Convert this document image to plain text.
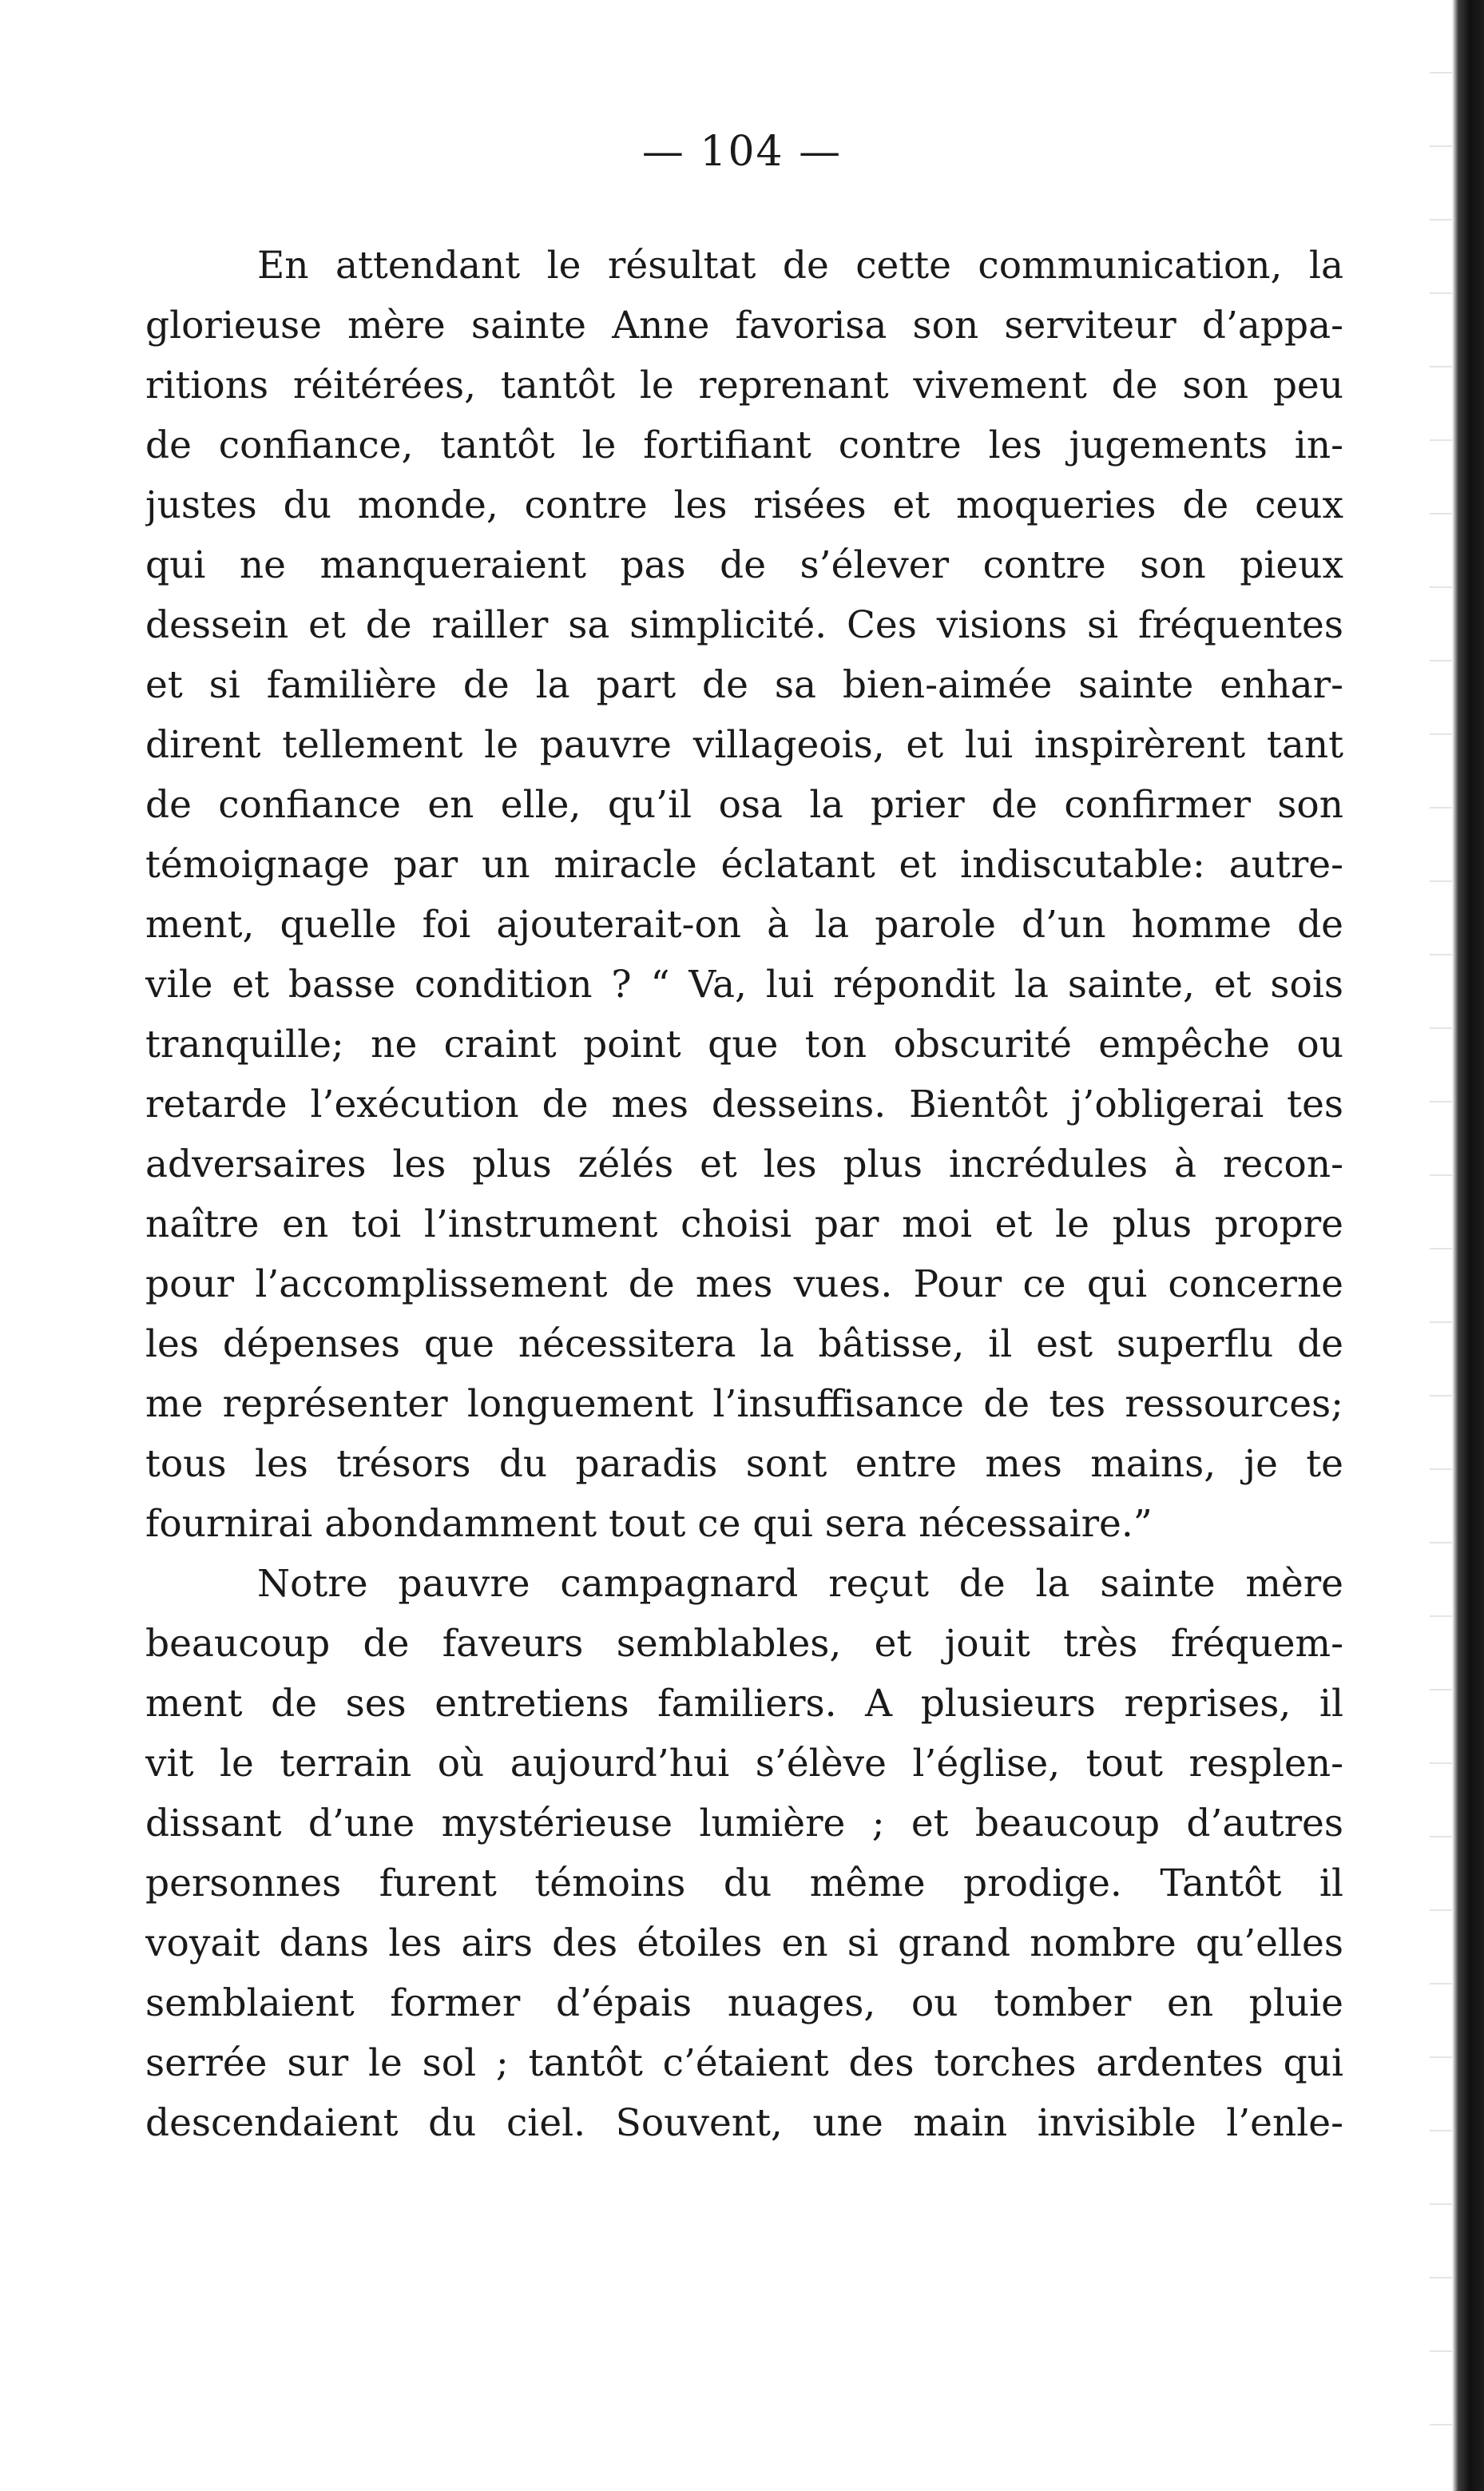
— 104 —
En attendant le résultat de cette communication, la
glorieuse mère sainte Anne favorisa son serviteur d’appa-
ritions réitérées, tantôt le reprenant vivement de son peu
de confiance, tantôt le fortifiant contre les jugements in-
justes du monde, contre les risées et moqueries de ceux
qui ne manqueraient pas de s’élever contre son pieux
dessein et de railler sa simplicité. Ces visions si fréquentes
et si familière de la part de sa bien-aimée sainte enhar-
dirent tellement le pauvre villageois, et lui inspirèrent tant
de confiance en elle, qu’il osa la prier de confirmer son
témoignage par un miracle éclatant et indiscutable: autre-
ment, quelle foi ajouterait-on à la parole d’un homme de
vile et basse condition ? “ Va, lui répondit la sainte, et sois
tranquille; ne craint point que ton obscurité empêche ou
retarde l’exécution de mes desseins. Bientôt j’obligerai tes
adversaires les plus zélés et les plus incrédules à recon-
naître en toi l’instrument choisi par moi et le plus propre
pour l’accomplissement de mes vues. Pour ce qui concerne
les dépenses que nécessitera la bâtisse, il est superflu de
me représenter longuement l’insuffisance de tes ressources;
tous les trésors du paradis sont entre mes mains, je te
fournirai abondamment tout ce qui sera nécessaire.”
Notre pauvre campagnard reçut de la sainte mère
beaucoup de faveurs semblables, et jouit très fréquem-
ment de ses entretiens familiers. A plusieurs reprises, il
vit le terrain où aujourd’hui s’élève l’église, tout resplen-
dissant d’une mystérieuse lumière ; et beaucoup d’autres
personnes furent témoins du même prodige. Tantôt il
voyait dans les airs des étoiles en si grand nombre qu’elles
semblaient former d’épais nuages, ou tomber en pluie
serrée sur le sol ; tantôt c’étaient des torches ardentes qui
descendaient du ciel. Souvent, une main invisible l’enle-
